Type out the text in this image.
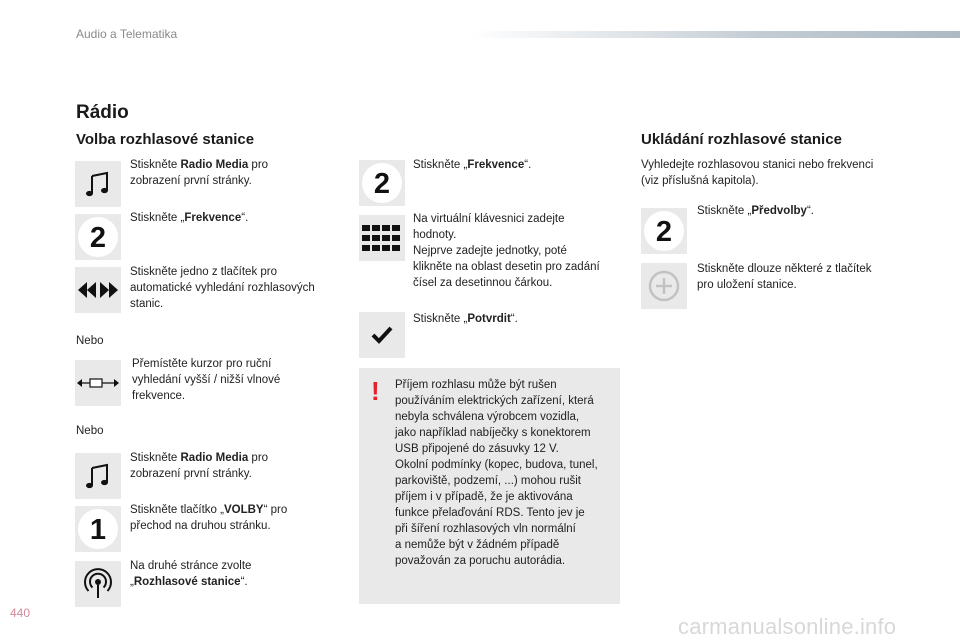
Audio a Telematika
Rádio
Volba rozhlasové stanice
Stiskněte Radio Media pro
zobrazení první stránky.
2
Stiskněte „Frekvence“.
Stiskněte jedno z tlačítek pro
automatické vyhledání rozhlasových
stanic.
Nebo
Přemístěte kurzor pro ruční
vyhledání vyšší / nižší vlnové
frekvence.
Nebo
Stiskněte Radio Media pro
zobrazení první stránky.
1
Stiskněte tlačítko „VOLBY“ pro
přechod na druhou stránku.
Na druhé stránce zvolte
„Rozhlasové stanice“.
2
Stiskněte „Frekvence“.
Na virtuální klávesnici zadejte
hodnoty.
Nejprve zadejte jednotky, poté
klikněte na oblast desetin pro zadání
čísel za desetinnou čárkou.
Stiskněte „Potvrdit“.
! Příjem rozhlasu může být rušen
používáním elektrických zařízení, která
nebyla schválena výrobcem vozidla,
jako například nabíječky s konektorem
USB připojené do zásuvky 12 V.
Okolní podmínky (kopec, budova, tunel,
parkoviště, podzemí, ...) mohou rušit
příjem i v případě, že je aktivována
funkce přelaďování RDS. Tento jev je
při šíření rozhlasových vln normální
a nemůže být v žádném případě
považován za poruchu autorádia.
Ukládání rozhlasové stanice
Vyhledejte rozhlasovou stanici nebo frekvenci
(viz příslušná kapitola).
2
Stiskněte „Předvolby“.
Stiskněte dlouze některé z tlačítek
pro uložení stanice.
440
carmanualsonline.info
